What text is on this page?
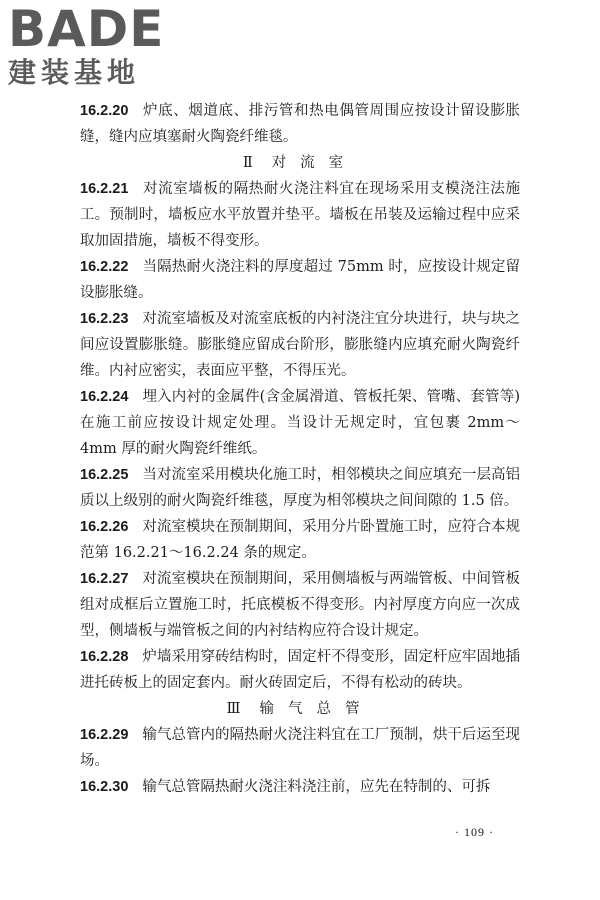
BADE
建装基地

16.2.20 炉底、烟道底、排污管和热电偶管周围应按设计留设膨胀缝，缝内应填塞耐火陶瓷纤维毯。

Ⅱ 对流室

16.2.21 对流室墙板的隔热耐火浇注料宜在现场采用支模浇注法施工。预制时，墙板应水平放置并垫平。墙板在吊装及运输过程中应采取加固措施，墙板不得变形。

16.2.22 当隔热耐火浇注料的厚度超过 75mm 时，应按设计规定留设膨胀缝。

16.2.23 对流室墙板及对流室底板的内衬浇注宜分块进行，块与块之间应设置膨胀缝。膨胀缝应留成台阶形，膨胀缝内应填充耐火陶瓷纤维。内衬应密实，表面应平整，不得压光。

16.2.24 埋入内衬的金属件(含金属滑道、管板托架、管嘴、套管等)在施工前应按设计规定处理。当设计无规定时，宜包裹 2mm～4mm 厚的耐火陶瓷纤维纸。

16.2.25 当对流室采用模块化施工时，相邻模块之间应填充一层高铝质以上级别的耐火陶瓷纤维毯，厚度为相邻模块之间间隙的 1.5 倍。

16.2.26 对流室模块在预制期间，采用分片卧置施工时，应符合本规范第 16.2.21～16.2.24 条的规定。

16.2.27 对流室模块在预制期间，采用侧墙板与两端管板、中间管板组对成框后立置施工时，托底模板不得变形。内衬厚度方向应一次成型，侧墙板与端管板之间的内衬结构应符合设计规定。

16.2.28 炉墙采用穿砖结构时，固定杆不得变形，固定杆应牢固地插进托砖板上的固定套内。耐火砖固定后，不得有松动的砖块。

Ⅲ 输气总管

16.2.29 输气总管内的隔热耐火浇注料宜在工厂预制，烘干后运至现场。

16.2.30 输气总管隔热耐火浇注料浇注前，应先在特制的、可拆

· 109 ·
